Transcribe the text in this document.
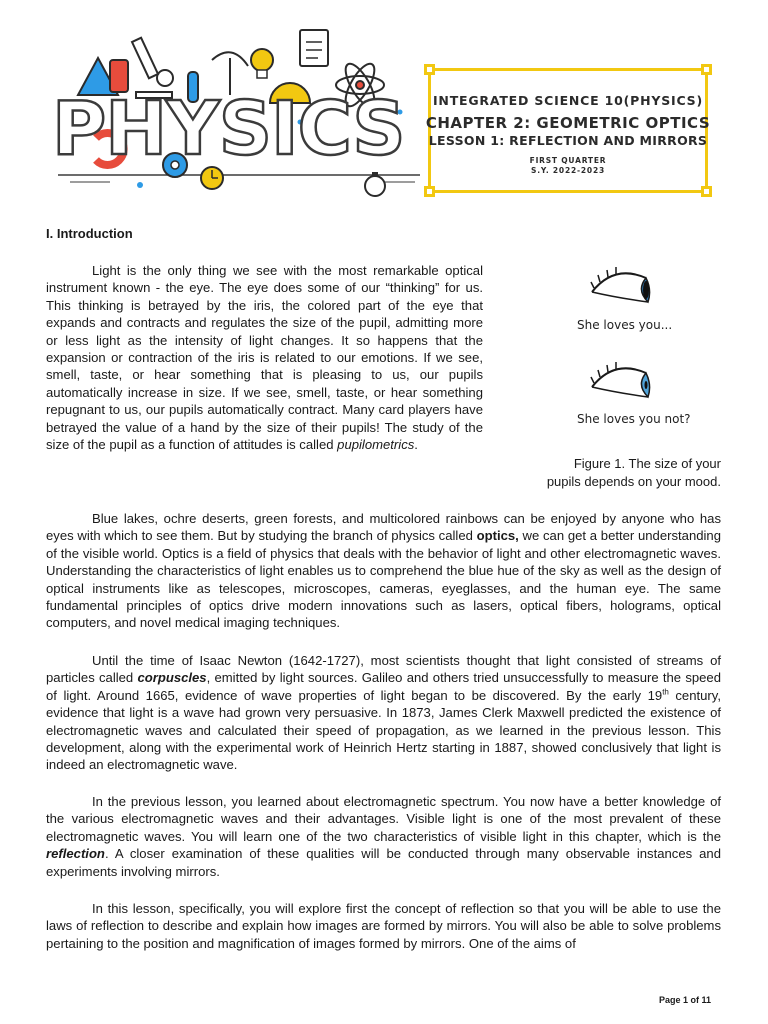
PHYSICS	INTEGRATED SCIENCE 10(PHYSICS)
CHAPTER 2: GEOMETRIC OPTICS
LESSON 1: REFLECTION AND MIRRORS
FIRST QUARTER
S.Y. 2022-2023
I. Introduction

Light is the only thing we see with the most remarkable optical instrument known - the eye. The eye does some of our “thinking” for us. This thinking is betrayed by the iris, the colored part of the eye that expands and contracts and regulates the size of the pupil, admitting more or less light as the intensity of light changes. It so happens that the expansion or contraction of the iris is related to our emotions. If we see, smell, taste, or hear something that is pleasing to us, our pupils automatically increase in size. If we see, smell, taste, or hear something repugnant to us, our pupils automatically contract. Many card players have betrayed the value of a hand by the size of their pupils! The study of the size of the pupil as a function of attitudes is called pupilometrics.

She loves you...
She loves you not?
Figure 1. The size of your
pupils depends on your mood.

Blue lakes, ochre deserts, green forests, and multicolored rainbows can be enjoyed by anyone who has eyes with which to see them. But by studying the branch of physics called optics, we can get a better understanding of the visible world. Optics is a field of physics that deals with the behavior of light and other electromagnetic waves. Understanding the characteristics of light enables us to comprehend the blue hue of the sky as well as the design of optical instruments like as telescopes, microscopes, cameras, eyeglasses, and the human eye. The same fundamental principles of optics drive modern innovations such as lasers, optical fibers, holograms, optical computers, and novel medical imaging techniques.

Until the time of Isaac Newton (1642-1727), most scientists thought that light consisted of streams of particles called corpuscles, emitted by light sources. Galileo and others tried unsuccessfully to measure the speed of light. Around 1665, evidence of wave properties of light began to be discovered. By the early 19th century, evidence that light is a wave had grown very persuasive. In 1873, James Clerk Maxwell predicted the existence of electromagnetic waves and calculated their speed of propagation, as we learned in the previous lesson. This development, along with the experimental work of Heinrich Hertz starting in 1887, showed conclusively that light is indeed an electromagnetic wave.

In the previous lesson, you learned about electromagnetic spectrum. You now have a better knowledge of the various electromagnetic waves and their advantages. Visible light is one of the most prevalent of these electromagnetic waves. You will learn one of the two characteristics of visible light in this chapter, which is the reflection. A closer examination of these qualities will be conducted through many observable instances and experiments involving mirrors.

In this lesson, specifically, you will explore first the concept of reflection so that you will be able to use the laws of reflection to describe and explain how images are formed by mirrors. You will also be able to solve problems pertaining to the position and magnification of images formed by mirrors. One of the aims of

Page 1 of 11
